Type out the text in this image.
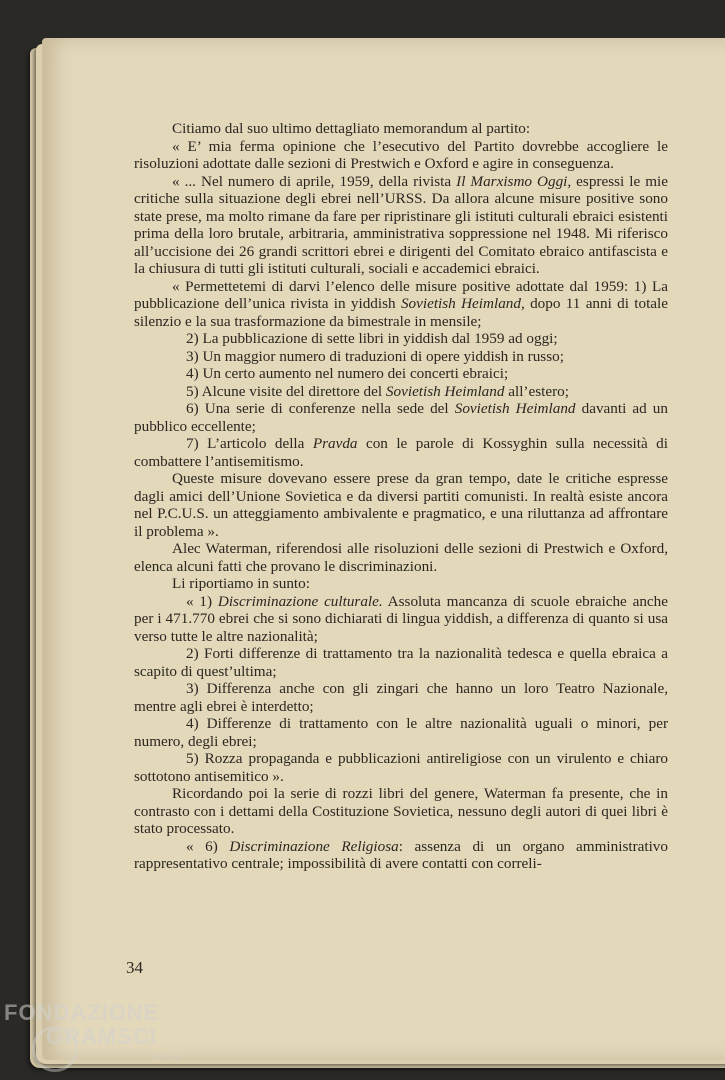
Citiamo dal suo ultimo dettagliato memorandum al partito:

« E’ mia ferma opinione che l’esecutivo del Partito dovrebbe accogliere le risoluzioni adottate dalle sezioni di Prestwich e Oxford e agire in conseguenza.

« ... Nel numero di aprile, 1959, della rivista Il Marxismo Oggi, espressi le mie critiche sulla situazione degli ebrei nell’URSS. Da allora alcune misure positive sono state prese, ma molto rimane da fare per ripristinare gli istituti culturali ebraici esistenti prima della loro brutale, arbitraria, amministrativa soppressione nel 1948. Mi riferisco all’uccisione dei 26 grandi scrittori ebrei e dirigenti del Comitato ebraico antifascista e la chiusura di tutti gli istituti culturali, sociali e accademici ebraici.

« Permettetemi di darvi l’elenco delle misure positive adottate dal 1959: 1) La pubblicazione dell’unica rivista in yiddish Sovietish Heimland, dopo 11 anni di totale silenzio e la sua trasformazione da bimestrale in mensile;

2) La pubblicazione di sette libri in yiddish dal 1959 ad oggi;

3) Un maggior numero di traduzioni di opere yiddish in russo;

4) Un certo aumento nel numero dei concerti ebraici;

5) Alcune visite del direttore del Sovietish Heimland all’estero;

6) Una serie di conferenze nella sede del Sovietish Heimland davanti ad un pubblico eccellente;

7) L’articolo della Pravda con le parole di Kossyghin sulla necessità di combattere l’antisemitismo.

Queste misure dovevano essere prese da gran tempo, date le critiche espresse dagli amici dell’Unione Sovietica e da diversi partiti comunisti. In realtà esiste ancora nel P.C.U.S. un atteggiamento ambivalente e pragmatico, e una riluttanza ad affrontare il problema ».

Alec Waterman, riferendosi alle risoluzioni delle sezioni di Prestwich e Oxford, elenca alcuni fatti che provano le discriminazioni.

Li riportiamo in sunto:

« 1) Discriminazione culturale. Assoluta mancanza di scuole ebraiche anche per i 471.770 ebrei che si sono dichiarati di lingua yiddish, a differenza di quanto si usa verso tutte le altre nazionalità;

2) Forti differenze di trattamento tra la nazionalità tedesca e quella ebraica a scapito di quest’ultima;

3) Differenza anche con gli zingari che hanno un loro Teatro Nazionale, mentre agli ebrei è interdetto;

4) Differenze di trattamento con le altre nazionalità uguali o minori, per numero, degli ebrei;

5) Rozza propaganda e pubblicazioni antireligiose con un virulento e chiaro sottotono antisemitico ».

Ricordando poi la serie di rozzi libri del genere, Waterman fa presente, che in contrasto con i dettami della Costituzione Sovietica, nessuno degli autori di quei libri è stato processato.

« 6) Discriminazione Religiosa: assenza di un organo amministrativo rappresentativo centrale; impossibilità di avere contatti con correli-

34
FONDAZIONE
GRAMSCI
onlus
